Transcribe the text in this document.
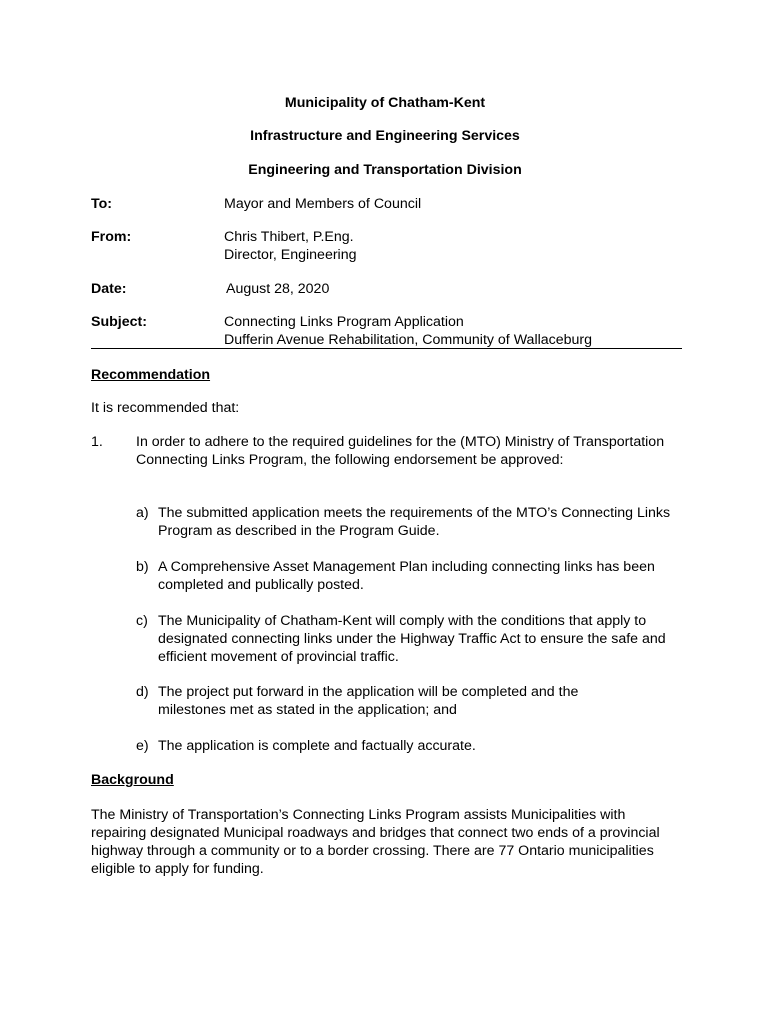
Municipality of Chatham-Kent
Infrastructure and Engineering Services
Engineering and Transportation Division
To:	Mayor and Members of Council
From:	Chris Thibert, P.Eng.
Director, Engineering
Date:	August 28, 2020
Subject:	Connecting Links Program Application
Dufferin Avenue Rehabilitation, Community of Wallaceburg
Recommendation
It is recommended that:
1. In order to adhere to the required guidelines for the (MTO) Ministry of Transportation Connecting Links Program, the following endorsement be approved:
a) The submitted application meets the requirements of the MTO’s Connecting Links Program as described in the Program Guide.
b) A Comprehensive Asset Management Plan including connecting links has been completed and publically posted.
c) The Municipality of Chatham-Kent will comply with the conditions that apply to designated connecting links under the Highway Traffic Act to ensure the safe and efficient movement of provincial traffic.
d) The project put forward in the application will be completed and the milestones met as stated in the application; and
e) The application is complete and factually accurate.
Background
The Ministry of Transportation’s Connecting Links Program assists Municipalities with repairing designated Municipal roadways and bridges that connect two ends of a provincial highway through a community or to a border crossing. There are 77 Ontario municipalities eligible to apply for funding.
